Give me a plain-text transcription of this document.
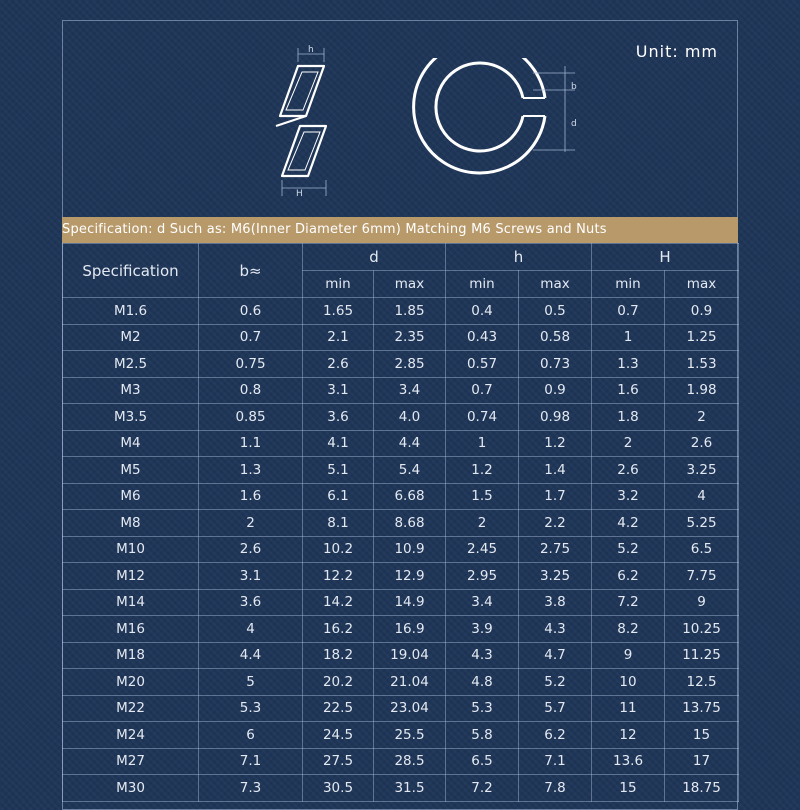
Unit: mm
h
H
b
d
Specification: d Such as: M6(Inner Diameter 6mm) Matching M6 Screws and Nuts
Specification	b≈	d		h		H	
		min	max	min	max	min	max
M1.6	0.6	1.65	1.85	0.4	0.5	0.7	0.9
M2	0.7	2.1	2.35	0.43	0.58	1	1.25
M2.5	0.75	2.6	2.85	0.57	0.73	1.3	1.53
M3	0.8	3.1	3.4	0.7	0.9	1.6	1.98
M3.5	0.85	3.6	4.0	0.74	0.98	1.8	2
M4	1.1	4.1	4.4	1	1.2	2	2.6
M5	1.3	5.1	5.4	1.2	1.4	2.6	3.25
M6	1.6	6.1	6.68	1.5	1.7	3.2	4
M8	2	8.1	8.68	2	2.2	4.2	5.25
M10	2.6	10.2	10.9	2.45	2.75	5.2	6.5
M12	3.1	12.2	12.9	2.95	3.25	6.2	7.75
M14	3.6	14.2	14.9	3.4	3.8	7.2	9
M16	4	16.2	16.9	3.9	4.3	8.2	10.25
M18	4.4	18.2	19.04	4.3	4.7	9	11.25
M20	5	20.2	21.04	4.8	5.2	10	12.5
M22	5.3	22.5	23.04	5.3	5.7	11	13.75
M24	6	24.5	25.5	5.8	6.2	12	15
M27	7.1	27.5	28.5	6.5	7.1	13.6	17
M30	7.3	30.5	31.5	7.2	7.8	15	18.75
